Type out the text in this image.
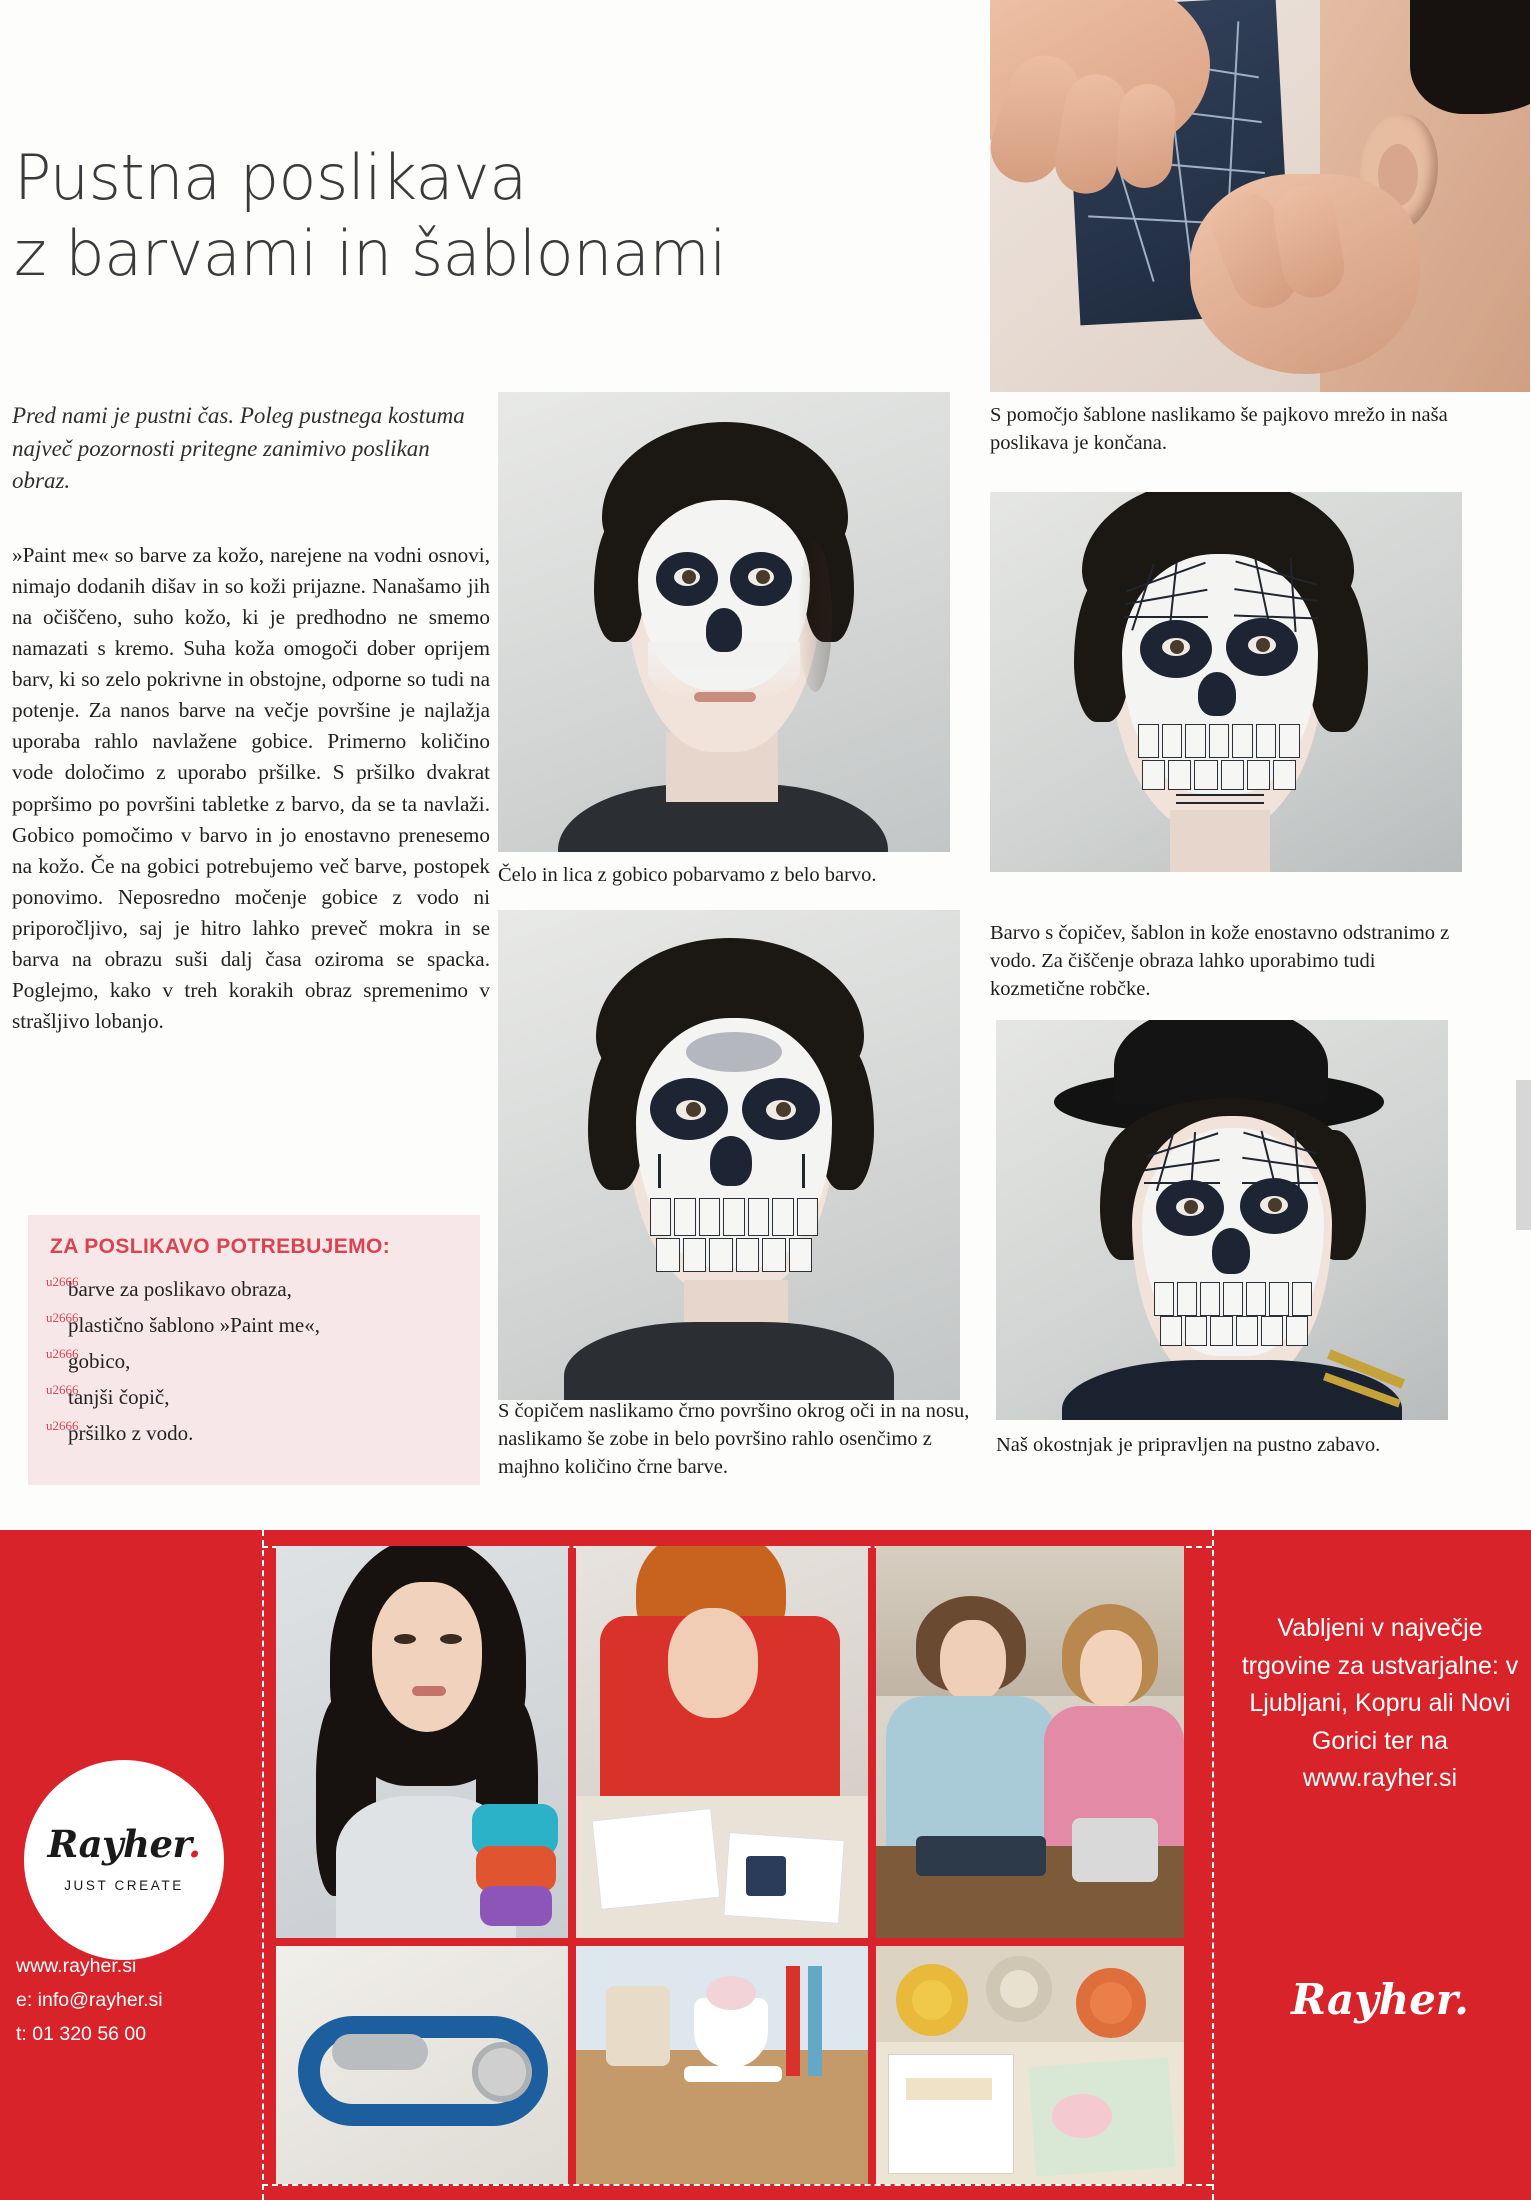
Pustna poslikava
z barvami in šablonami
Pred nami je pustni čas. Poleg pustnega kostuma največ pozornosti pritegne zanimivo poslikan obraz.
»Paint me« so barve za kožo, narejene na vodni osnovi, nimajo dodanih dišav in so koži prijazne. Nanašamo jih na očiščeno, suho kožo, ki je predhodno ne smemo namazati s kremo. Suha koža omogoči dober oprijem barv, ki so zelo pokrivne in obstojne, odporne so tudi na potenje. Za nanos barve na večje površine je najlažja uporaba rahlo navlažene gobice. Primerno količino vode določimo z uporabo pršilke. S pršilko dvakrat popršimo po površini tabletke z barvo, da se ta navlaži. Gobico pomočimo v barvo in jo enostavno prenesemo na kožo. Če na gobici potrebujemo več barve, postopek ponovimo. Neposredno močenje gobice z vodo ni priporočljivo, saj je hitro lahko preveč mokra in se barva na obrazu suši dalj časa oziroma se spacka. Poglejmo, kako v treh korakih obraz spremenimo v strašljivo lobanjo.
ZA POSLIKAVO POTREBUJEMO:
u2666 barve za poslikavo obraza,
u2666 plastično šablono »Paint me«,
u2666 gobico,
u2666 tanjši čopič,
u2666 pršilko z vodo.
S pomočjo šablone naslikamo še pajkovo mrežo in naša poslikava je končana.
Čelo in lica z gobico pobarvamo z belo barvo.
Barvo s čopičev, šablon in kože enostavno odstranimo z vodo. Za čiščenje obraza lahko uporabimo tudi kozmetične robčke.
S čopičem naslikamo črno površino okrog oči in na nosu, naslikamo še zobe in belo površino rahlo osenčimo z majhno količino črne barve.
Naš okostnjak je pripravljen na pustno zabavo.
Rayher.
JUST CREATE
Vabljeni v največje trgovine za ustvarjalne: v Ljubljani, Kopru ali Novi Gorici ter na www.rayher.si
Rayher.
www.rayher.si
e: info@rayher.si
t: 01 320 56 00
